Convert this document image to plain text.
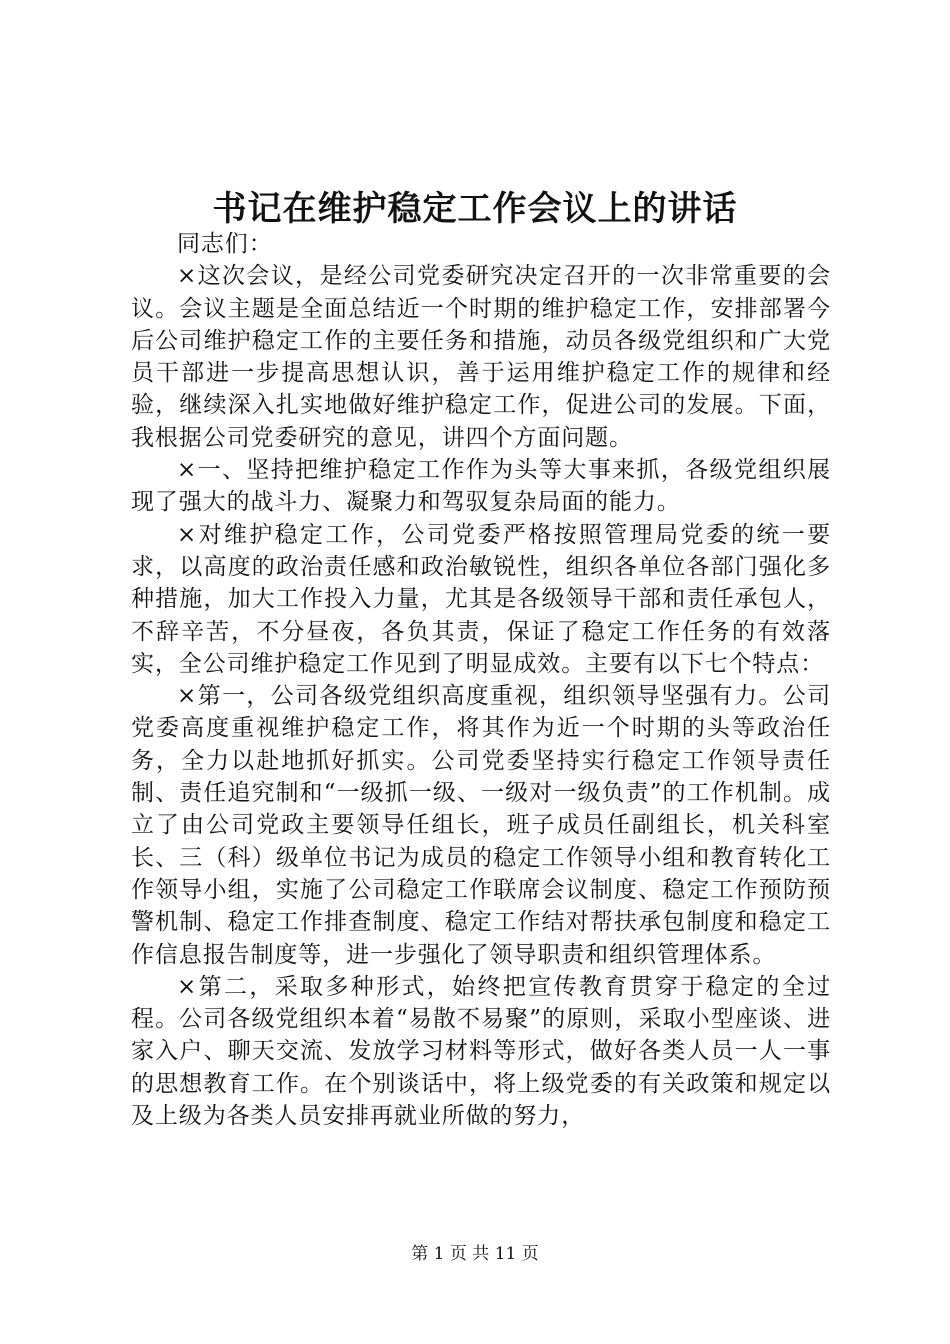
书记在维护稳定工作会议上的讲话

同志们：

×这次会议，是经公司党委研究决定召开的一次非常重要的会议。会议主题是全面总结近一个时期的维护稳定工作，安排部署今后公司维护稳定工作的主要任务和措施，动员各级党组织和广大党员干部进一步提高思想认识，善于运用维护稳定工作的规律和经验，继续深入扎实地做好维护稳定工作，促进公司的发展。下面，我根据公司党委研究的意见，讲四个方面问题。

×一、坚持把维护稳定工作作为头等大事来抓，各级党组织展现了强大的战斗力、凝聚力和驾驭复杂局面的能力。

×对维护稳定工作，公司党委严格按照管理局党委的统一要求，以高度的政治责任感和政治敏锐性，组织各单位各部门强化多种措施，加大工作投入力量，尤其是各级领导干部和责任承包人，不辞辛苦，不分昼夜，各负其责，保证了稳定工作任务的有效落实，全公司维护稳定工作见到了明显成效。主要有以下七个特点：

×第一，公司各级党组织高度重视，组织领导坚强有力。公司党委高度重视维护稳定工作，将其作为近一个时期的头等政治任务，全力以赴地抓好抓实。公司党委坚持实行稳定工作领导责任制、责任追究制和“一级抓一级、一级对一级负责”的工作机制。成立了由公司党政主要领导任组长，班子成员任副组长，机关科室长、三（科）级单位书记为成员的稳定工作领导小组和教育转化工作领导小组，实施了公司稳定工作联席会议制度、稳定工作预防预警机制、稳定工作排查制度、稳定工作结对帮扶承包制度和稳定工作信息报告制度等，进一步强化了领导职责和组织管理体系。

×第二，采取多种形式，始终把宣传教育贯穿于稳定的全过程。公司各级党组织本着“易散不易聚”的原则，采取小型座谈、进家入户、聊天交流、发放学习材料等形式，做好各类人员一人一事的思想教育工作。在个别谈话中，将上级党委的有关政策和规定以及上级为各类人员安排再就业所做的努力，

第 1 页 共 11 页
